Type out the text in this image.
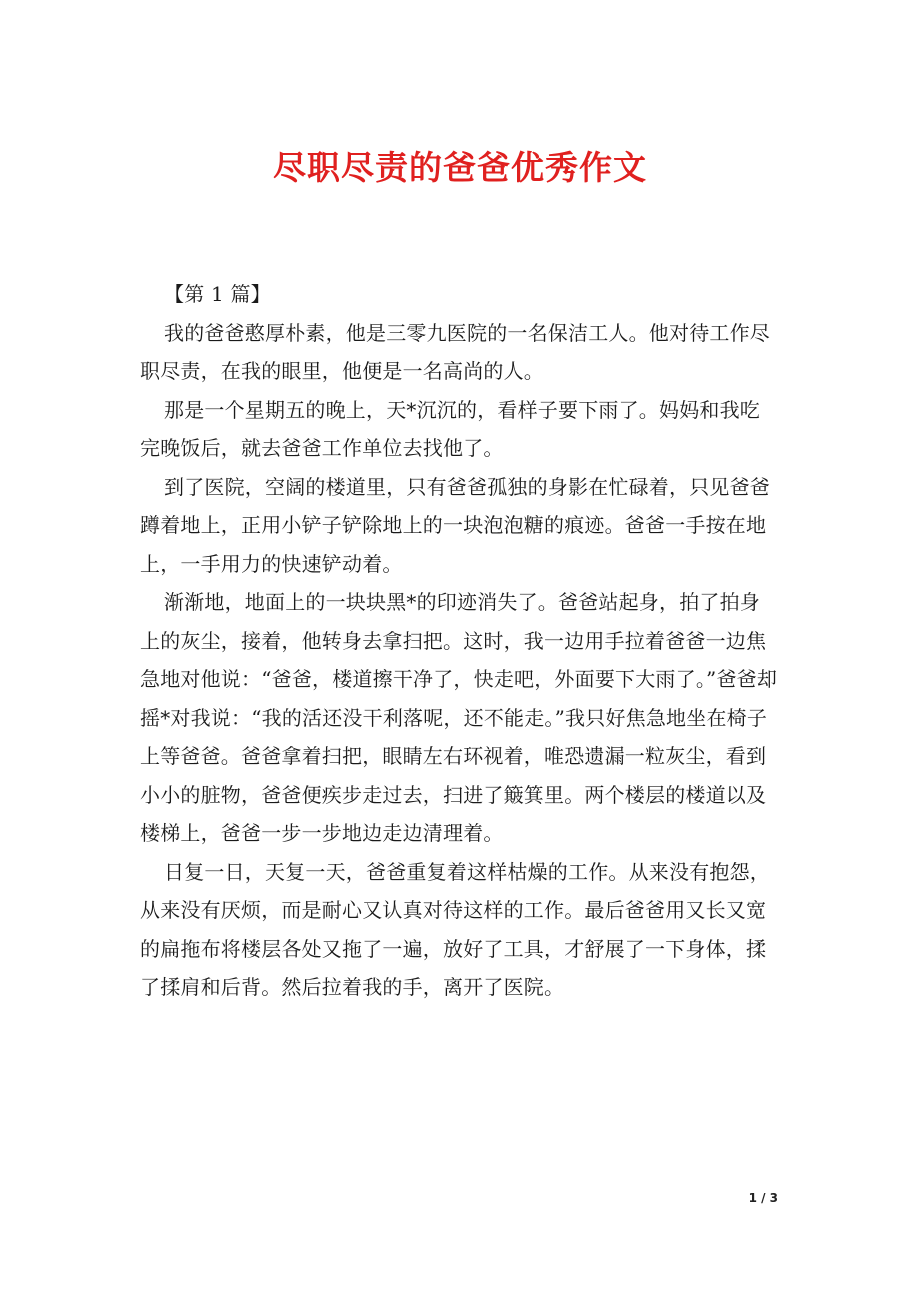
尽职尽责的爸爸优秀作文

【第 1 篇】

我的爸爸憨厚朴素，他是三零九医院的一名保洁工人。他对待工作尽职尽责，在我的眼里，他便是一名高尚的人。

那是一个星期五的晚上，天*沉沉的，看样子要下雨了。妈妈和我吃完晚饭后，就去爸爸工作单位去找他了。

到了医院，空阔的楼道里，只有爸爸孤独的身影在忙碌着，只见爸爸蹲着地上，正用小铲子铲除地上的一块泡泡糖的痕迹。爸爸一手按在地上，一手用力的快速铲动着。

渐渐地，地面上的一块块黑*的印迹消失了。爸爸站起身，拍了拍身上的灰尘，接着，他转身去拿扫把。这时，我一边用手拉着爸爸一边焦急地对他说：“爸爸，楼道擦干净了，快走吧，外面要下大雨了。”爸爸却摇*对我说：“我的活还没干利落呢，还不能走。”我只好焦急地坐在椅子上等爸爸。爸爸拿着扫把，眼睛左右环视着，唯恐遗漏一粒灰尘，看到小小的脏物，爸爸便疾步走过去，扫进了簸箕里。两个楼层的楼道以及楼梯上，爸爸一步一步地边走边清理着。

日复一日，天复一天，爸爸重复着这样枯燥的工作。从来没有抱怨，从来没有厌烦，而是耐心又认真对待这样的工作。最后爸爸用又长又宽的扁拖布将楼层各处又拖了一遍，放好了工具，才舒展了一下身体，揉了揉肩和后背。然后拉着我的手，离开了医院。

1 / 3
